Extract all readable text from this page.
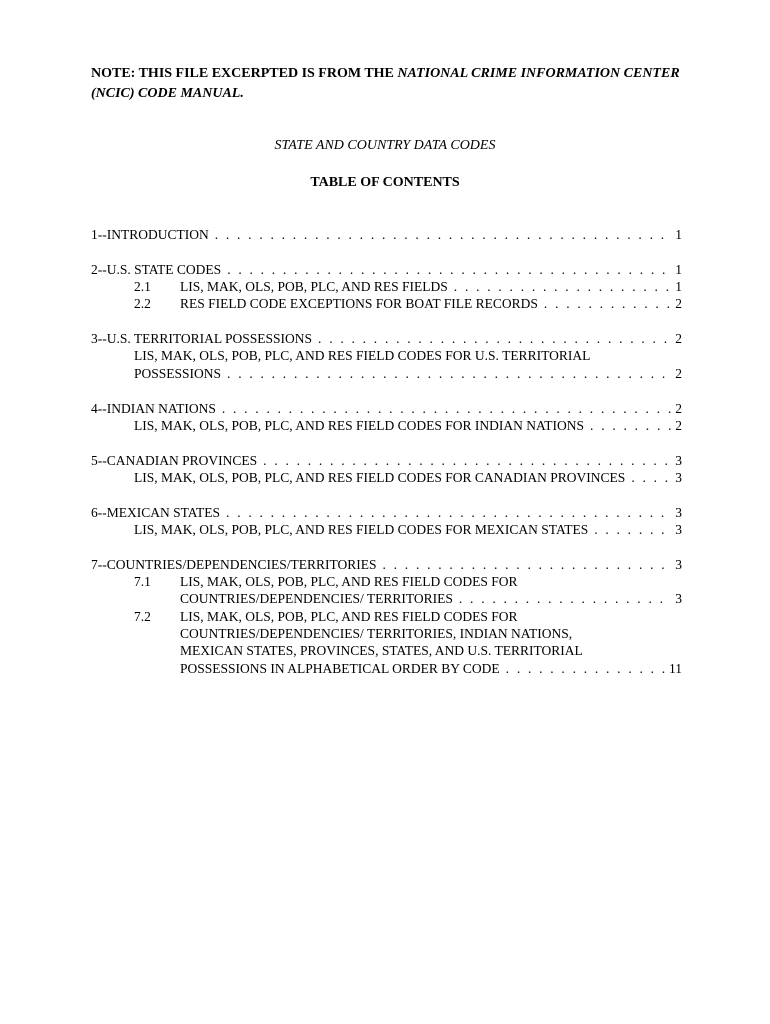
NOTE: THIS FILE EXCERPTED IS FROM THE NATIONAL CRIME INFORMATION CENTER (NCIC) CODE MANUAL.
STATE AND COUNTRY DATA CODES
TABLE OF CONTENTS
1--INTRODUCTION . . .	1
2--U.S. STATE CODES . . .	1
2.1	LIS, MAK, OLS, POB, PLC, AND RES FIELDS . . .	1
2.2	RES FIELD CODE EXCEPTIONS FOR BOAT FILE RECORDS . . .	2
3--U.S. TERRITORIAL POSSESSIONS . . .	2
LIS, MAK, OLS, POB, PLC, AND RES FIELD CODES FOR U.S. TERRITORIAL
POSSESSIONS . . .	2
4--INDIAN NATIONS . . .	2
LIS, MAK, OLS, POB, PLC, AND RES FIELD CODES FOR INDIAN NATIONS . . .	2
5--CANADIAN PROVINCES . . .	3
LIS, MAK, OLS, POB, PLC, AND RES FIELD CODES FOR CANADIAN PROVINCES . . .	3
6--MEXICAN STATES . . .	3
LIS, MAK, OLS, POB, PLC, AND RES FIELD CODES FOR MEXICAN STATES . . .	3
7--COUNTRIES/DEPENDENCIES/TERRITORIES . . .	3
7.1	LIS, MAK, OLS, POB, PLC, AND RES FIELD CODES FOR
COUNTRIES/DEPENDENCIES/ TERRITORIES . . .	3
7.2	LIS, MAK, OLS, POB, PLC, AND RES FIELD CODES FOR
COUNTRIES/DEPENDENCIES/ TERRITORIES, INDIAN NATIONS,
MEXICAN STATES, PROVINCES, STATES, AND U.S. TERRITORIAL
POSSESSIONS IN ALPHABETICAL ORDER BY CODE . . .	11
